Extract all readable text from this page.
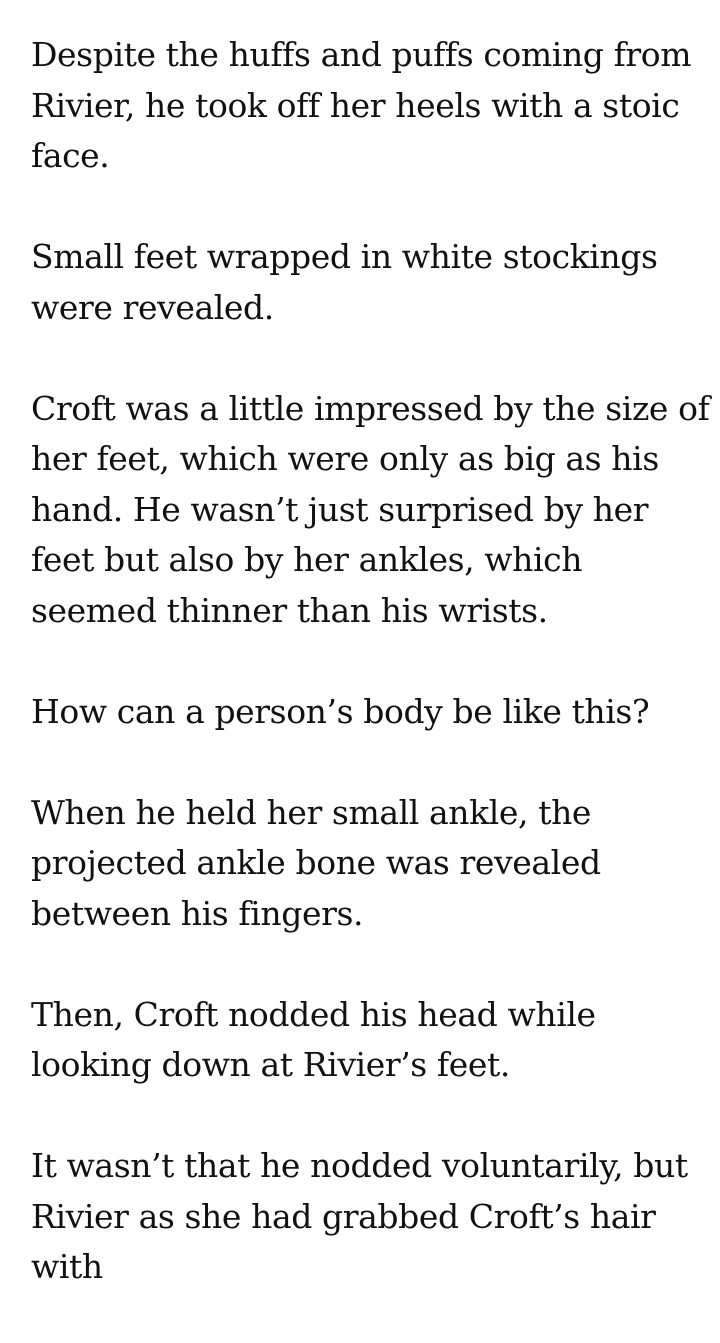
Despite the huffs and puffs coming from Rivier, he took off her heels with a stoic face.

Small feet wrapped in white stockings were revealed.

Croft was a little impressed by the size of her feet, which were only as big as his hand. He wasn’t just surprised by her feet but also by her ankles, which seemed thinner than his wrists.

How can a person’s body be like this?

When he held her small ankle, the projected ankle bone was revealed between his fingers.

Then, Croft nodded his head while looking down at Rivier’s feet.

It wasn’t that he nodded voluntarily, but Rivier as she had grabbed Croft’s hair with
